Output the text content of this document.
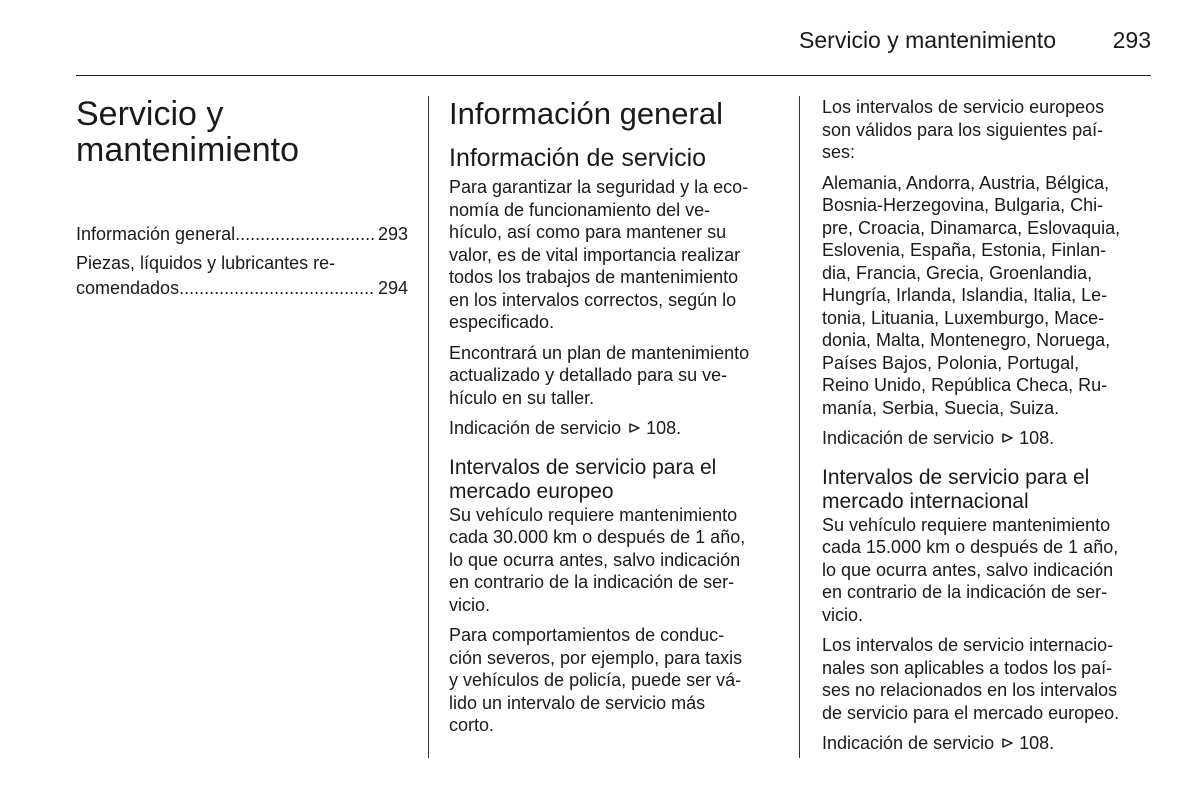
Servicio y mantenimiento	293
Servicio y
mantenimiento
Información general .....	293
Piezas, líquidos y lubricantes re-
comendados .....	294
Información general
Información de servicio

Para garantizar la seguridad y la eco-
nomía de funcionamiento del ve-
hículo, así como para mantener su
valor, es de vital importancia realizar
todos los trabajos de mantenimiento
en los intervalos correctos, según lo
especificado.

Encontrará un plan de mantenimiento
actualizado y detallado para su ve-
hículo en su taller.

Indicación de servicio 108.

Intervalos de servicio para el
mercado europeo

Su vehículo requiere mantenimiento
cada 30.000 km o después de 1 año,
lo que ocurra antes, salvo indicación
en contrario de la indicación de ser-
vicio.

Para comportamientos de conduc-
ción severos, por ejemplo, para taxis
y vehículos de policía, puede ser vá-
lido un intervalo de servicio más
corto.

Los intervalos de servicio europeos
son válidos para los siguientes paí-
ses:

Alemania, Andorra, Austria, Bélgica,
Bosnia-Herzegovina, Bulgaria, Chi-
pre, Croacia, Dinamarca, Eslovaquia,
Eslovenia, España, Estonia, Finlan-
dia, Francia, Grecia, Groenlandia,
Hungría, Irlanda, Islandia, Italia, Le-
tonia, Lituania, Luxemburgo, Mace-
donia, Malta, Montenegro, Noruega,
Países Bajos, Polonia, Portugal,
Reino Unido, República Checa, Ru-
manía, Serbia, Suecia, Suiza.

Indicación de servicio 108.

Intervalos de servicio para el
mercado internacional

Su vehículo requiere mantenimiento
cada 15.000 km o después de 1 año,
lo que ocurra antes, salvo indicación
en contrario de la indicación de ser-
vicio.

Los intervalos de servicio internacio-
nales son aplicables a todos los paí-
ses no relacionados en los intervalos
de servicio para el mercado europeo.

Indicación de servicio 108.
